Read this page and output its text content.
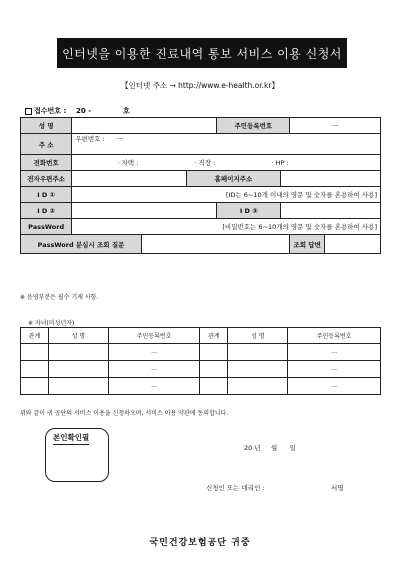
인터넷을 이용한 진료내역 통보 서비스 이용 신청서
【인터넷 주소 → http://www.e-health.or.kr】
접수번호 : 20 -	호
성 명				주민등록번호		ㅡ	
주 소	우편번호 : ㅡ						
전화번호	· 자택 : · 직장 : · HP :						
전자우편주소			홈페이지주소				
I D ①	[ID는 6~10개 이내의 영문 및 숫자를 혼용하여 사용]						
I D ②				I D ③			
PassWord	[비밀번호는 6~10개의 영문 및 숫자를 혼용하여 사용]						
PassWord 분실시 조회 질문						조회 답변	
※ 음영부분은 필수 기재 사항.
※ 자녀(미성년자)
관계	성 명	주민등록번호	관계	성 명	주민등록번호
		ㅡ			ㅡ
		ㅡ			ㅡ
		ㅡ			ㅡ
위와 같이 귀 공단의 서비스 이용을 신청하오며, 서비스 이용 약관에 동의합니다.
본인확인필
20 년 월 일
신청인 또는 대리인 :	서명
국민건강보험공단 귀중
